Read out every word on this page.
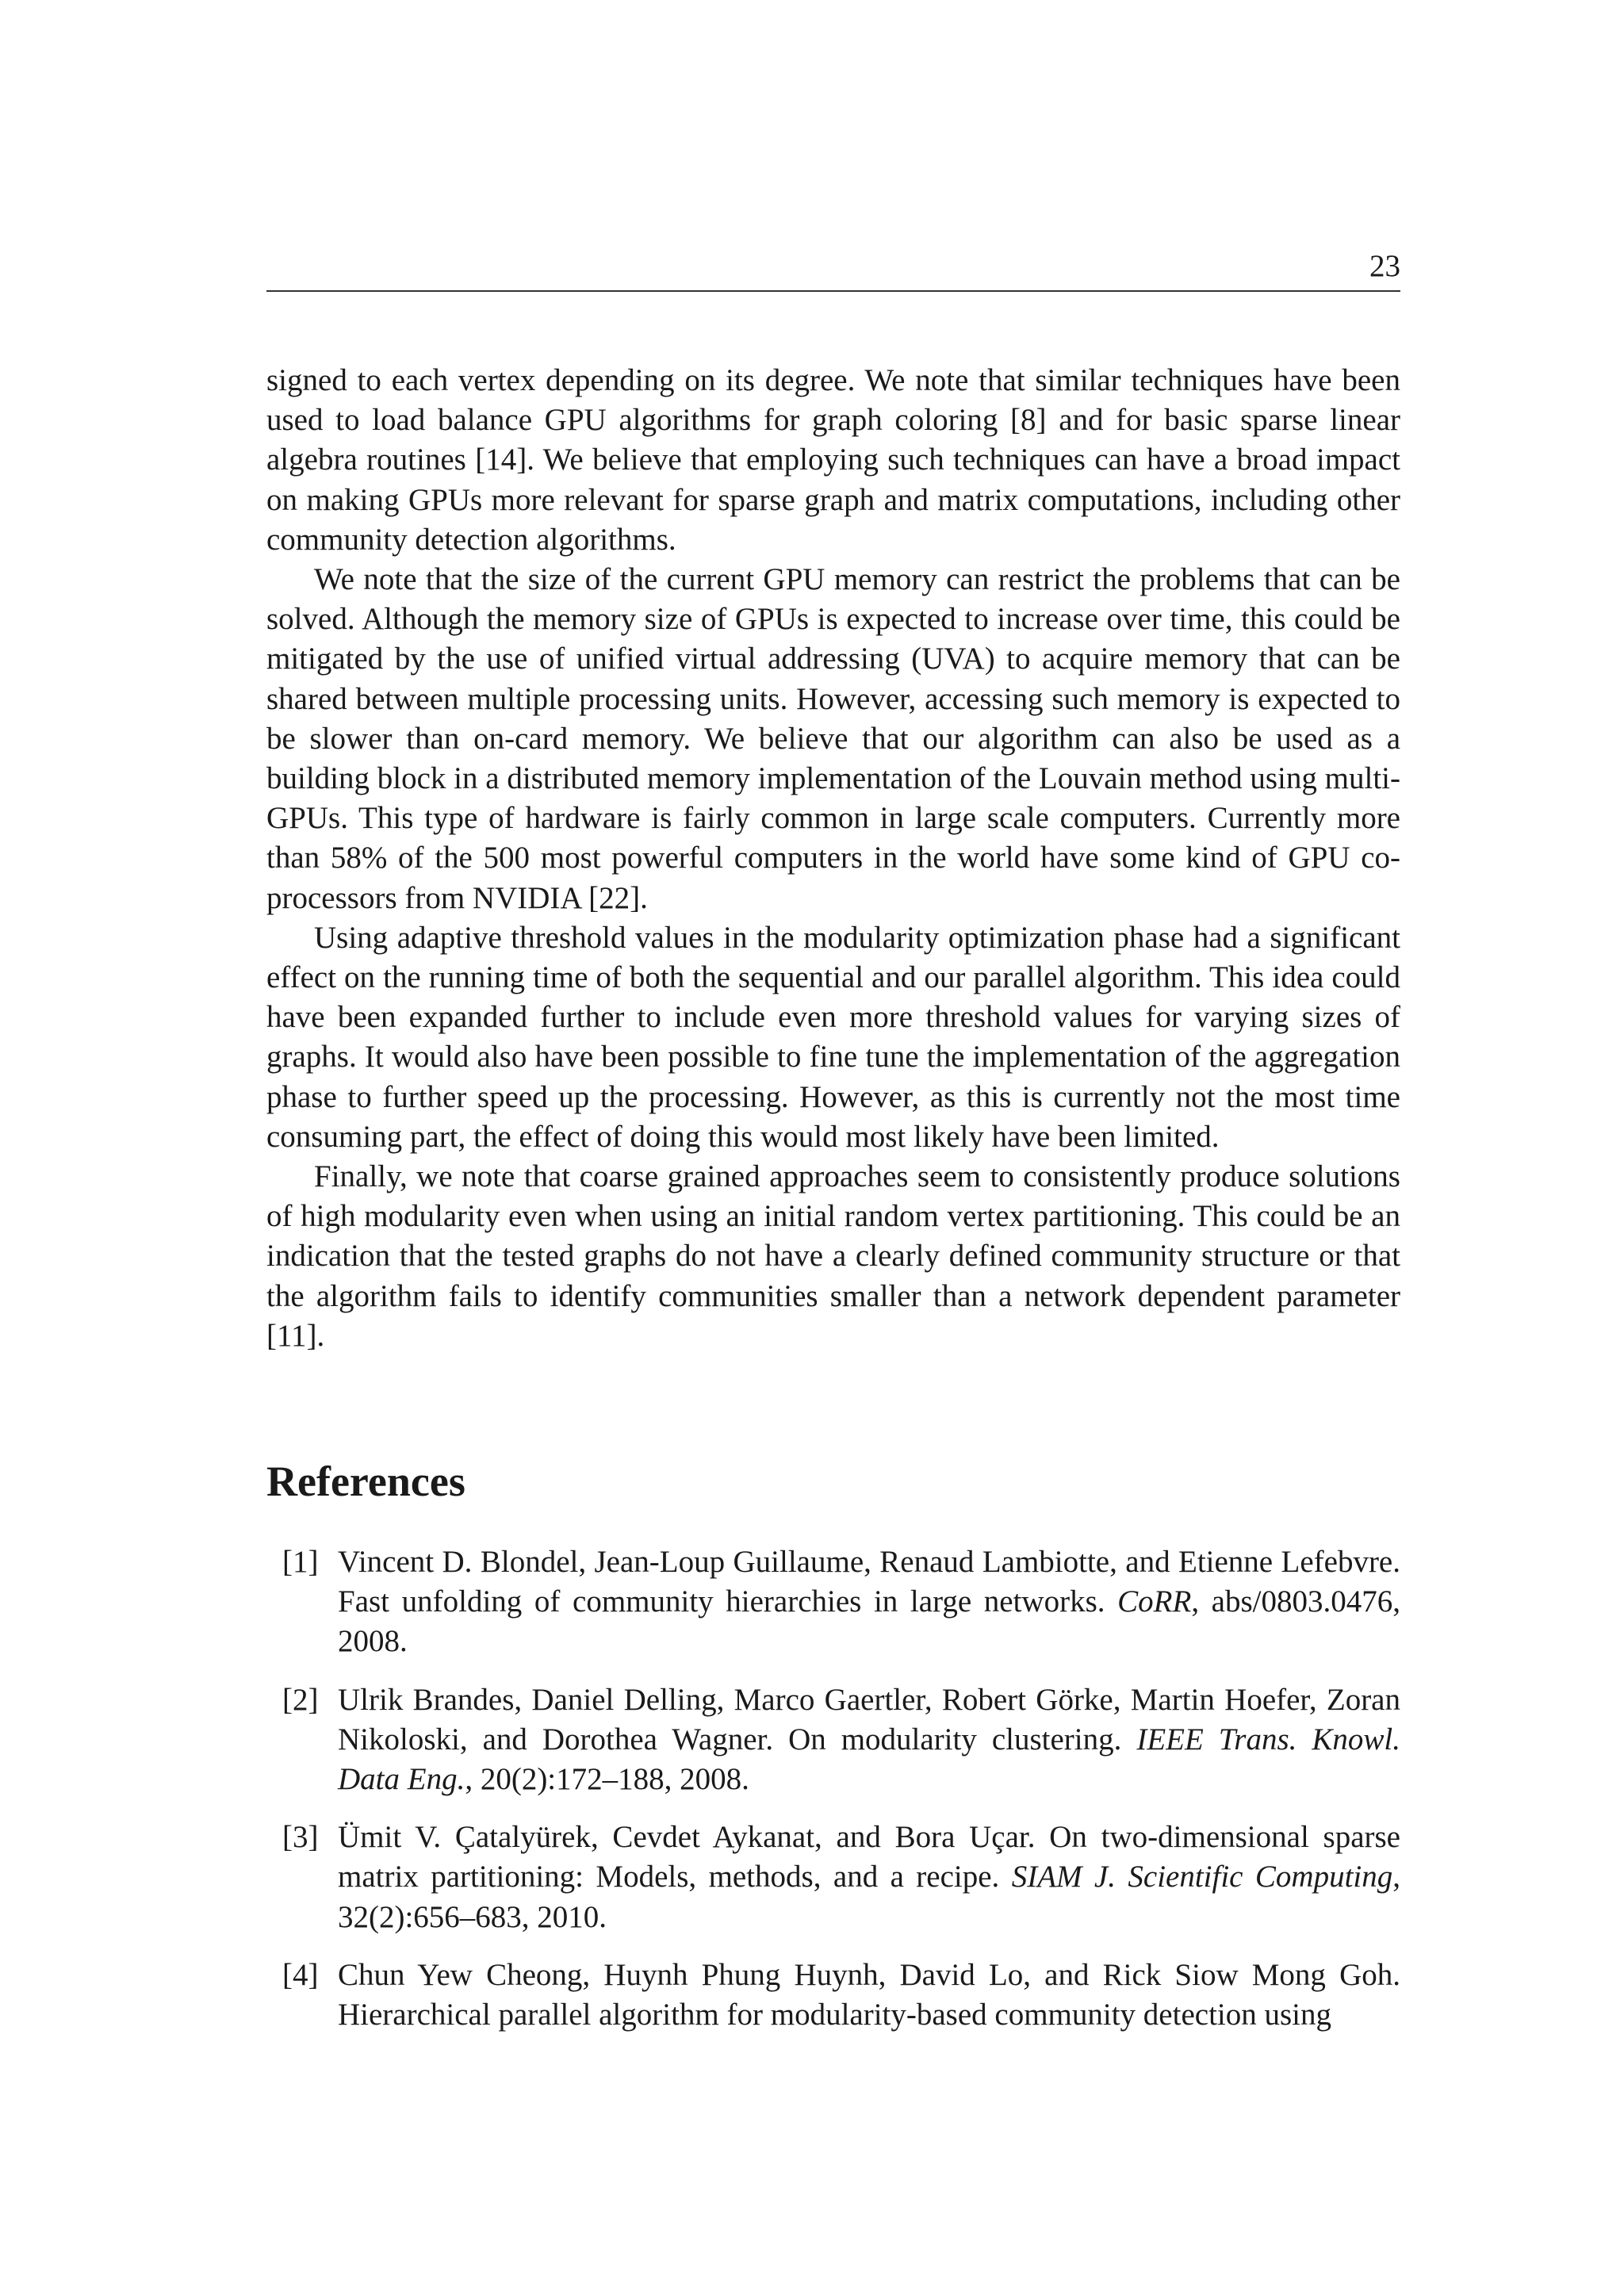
23

signed to each vertex depending on its degree. We note that similar techniques have been used to load balance GPU algorithms for graph coloring [8] and for basic sparse linear algebra routines [14]. We believe that employing such techniques can have a broad impact on making GPUs more relevant for sparse graph and matrix computations, including other community detection algorithms.

We note that the size of the current GPU memory can restrict the problems that can be solved. Although the memory size of GPUs is expected to increase over time, this could be mitigated by the use of unified virtual addressing (UVA) to acquire memory that can be shared between multiple processing units. However, accessing such memory is expected to be slower than on-card memory. We believe that our algorithm can also be used as a building block in a distributed memory implementation of the Louvain method using multi-GPUs. This type of hardware is fairly common in large scale computers. Currently more than 58% of the 500 most powerful computers in the world have some kind of GPU co-processors from NVIDIA [22].

Using adaptive threshold values in the modularity optimization phase had a significant effect on the running time of both the sequential and our parallel algorithm. This idea could have been expanded further to include even more threshold values for varying sizes of graphs. It would also have been possible to fine tune the implementation of the aggregation phase to further speed up the processing. However, as this is currently not the most time consuming part, the effect of doing this would most likely have been limited.

Finally, we note that coarse grained approaches seem to consistently produce solutions of high modularity even when using an initial random vertex partitioning. This could be an indication that the tested graphs do not have a clearly defined community structure or that the algorithm fails to identify communities smaller than a network dependent parameter [11].

References
[1] Vincent D. Blondel, Jean-Loup Guillaume, Renaud Lambiotte, and Etienne Lefebvre. Fast unfolding of community hierarchies in large networks. CoRR, abs/0803.0476, 2008.
[2] Ulrik Brandes, Daniel Delling, Marco Gaertler, Robert Görke, Martin Hoefer, Zoran Nikoloski, and Dorothea Wagner. On modularity clustering. IEEE Trans. Knowl. Data Eng., 20(2):172–188, 2008.
[3] Ümit V. Çatalyürek, Cevdet Aykanat, and Bora Uçar. On two-dimensional sparse matrix partitioning: Models, methods, and a recipe. SIAM J. Scientific Computing, 32(2):656–683, 2010.
[4] Chun Yew Cheong, Huynh Phung Huynh, David Lo, and Rick Siow Mong Goh. Hierarchical parallel algorithm for modularity-based community detection using
